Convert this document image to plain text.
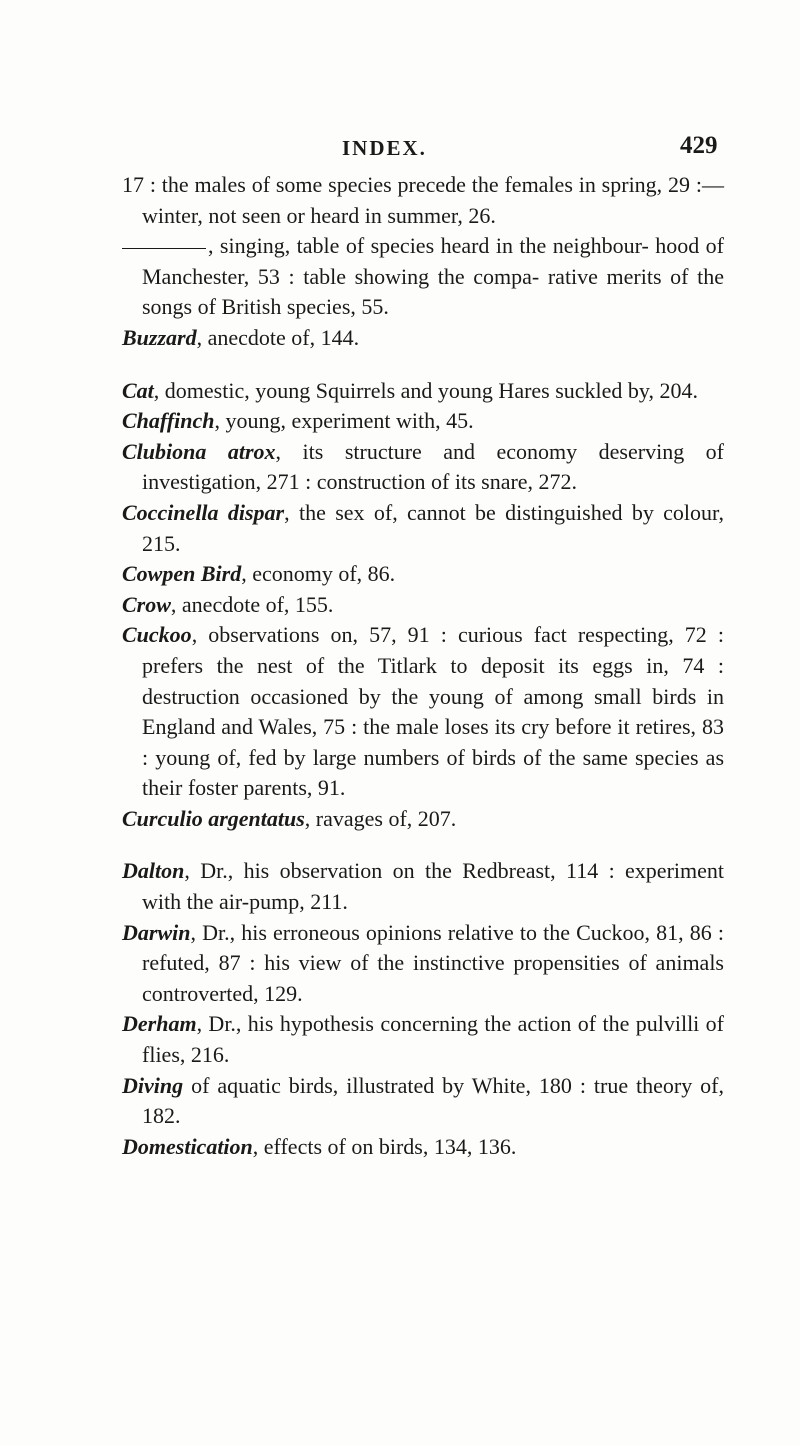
INDEX.	429

17 : the males of some species precede the females in spring, 29 :—winter, not seen or heard in summer, 26.

, singing, table of species heard in the neighbour- hood of Manchester, 53 : table showing the compa- rative merits of the songs of British species, 55.

Buzzard, anecdote of, 144.

Cat, domestic, young Squirrels and young Hares suckled by, 204.

Chaffinch, young, experiment with, 45.

Clubiona atrox, its structure and economy deserving of investigation, 271 : construction of its snare, 272.

Coccinella dispar, the sex of, cannot be distinguished by colour, 215.

Cowpen Bird, economy of, 86.

Crow, anecdote of, 155.

Cuckoo, observations on, 57, 91 : curious fact respecting, 72 : prefers the nest of the Titlark to deposit its eggs in, 74 : destruction occasioned by the young of among small birds in England and Wales, 75 : the male loses its cry before it retires, 83 : young of, fed by large numbers of birds of the same species as their foster parents, 91.

Curculio argentatus, ravages of, 207.

Dalton, Dr., his observation on the Redbreast, 114 : experiment with the air-pump, 211.

Darwin, Dr., his erroneous opinions relative to the Cuckoo, 81, 86 : refuted, 87 : his view of the instinctive propensities of animals controverted, 129.

Derham, Dr., his hypothesis concerning the action of the pulvilli of flies, 216.

Diving of aquatic birds, illustrated by White, 180 : true theory of, 182.

Domestication, effects of on birds, 134, 136.
